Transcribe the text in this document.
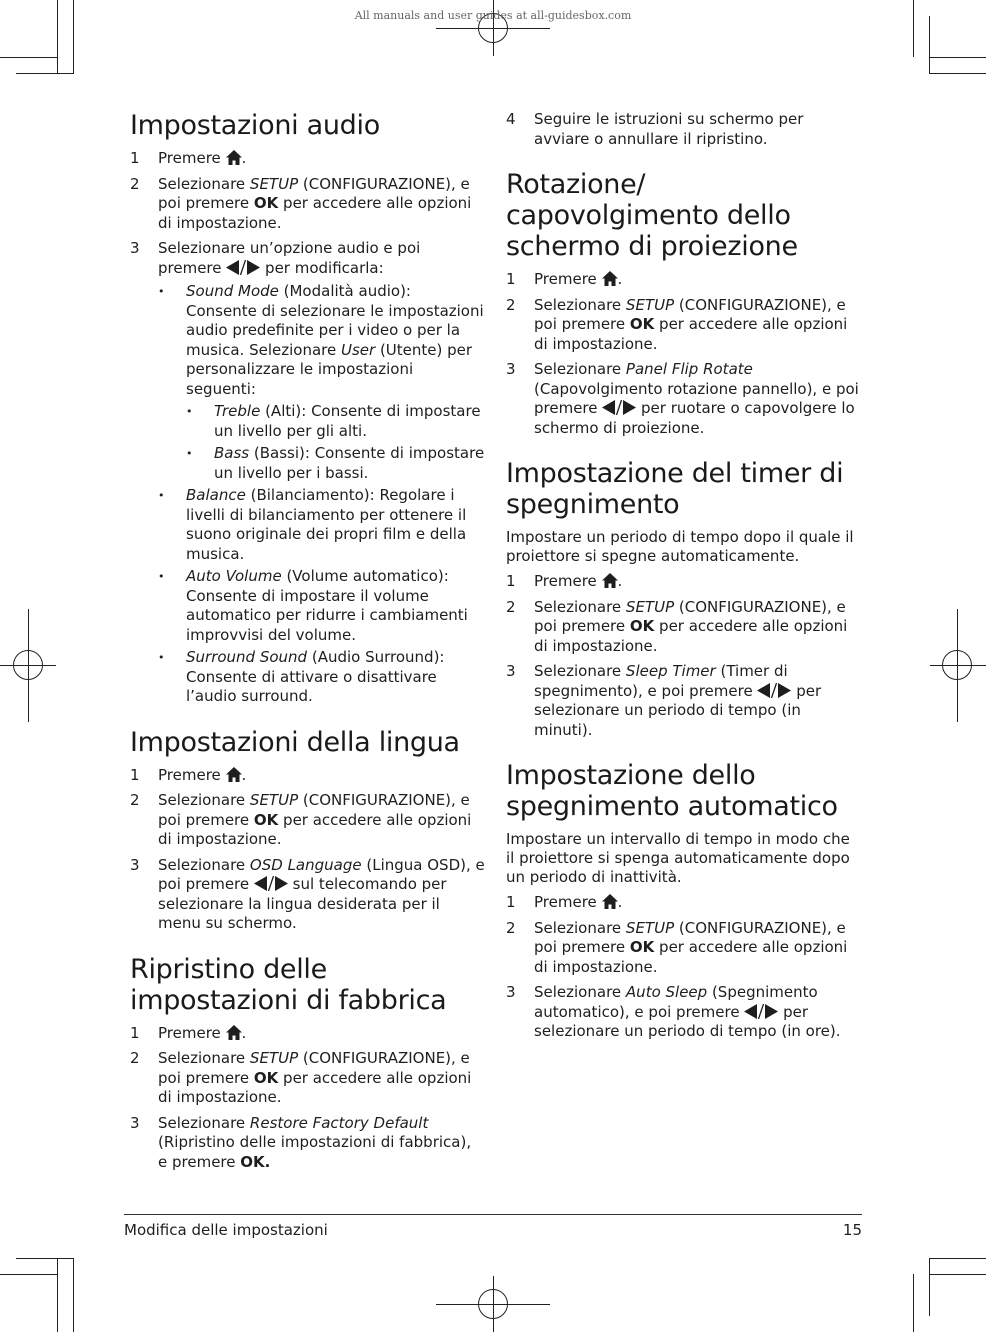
All manuals and user guides at all-guidesbox.com
Impostazioni audio
1 Premere .
2 Selezionare SETUP (CONFIGURAZIONE), e poi premere OK per accedere alle opzioni di impostazione.
3 Selezionare un’opzione audio e poi premere	per modificarla:
• Sound Mode (Modalità audio): Consente di selezionare le impostazioni audio predefinite per i video o per la musica. Selezionare User (Utente) per personalizzare le impostazioni seguenti:
• Treble (Alti): Consente di impostare un livello per gli alti.
• Bass (Bassi): Consente di impostare un livello per i bassi.
• Balance (Bilanciamento): Regolare i livelli di bilanciamento per ottenere il suono originale dei propri film e della musica.
• Auto Volume (Volume automatico): Consente di impostare il volume automatico per ridurre i cambiamenti improvvisi del volume.
• Surround Sound (Audio Surround): Consente di attivare o disattivare l’audio surround.
Impostazioni della lingua
1 Premere .
2 Selezionare SETUP (CONFIGURAZIONE), e poi premere OK per accedere alle opzioni di impostazione.
3 Selezionare OSD Language (Lingua OSD), e poi premere  sul telecomando per selezionare la lingua desiderata per il menu su schermo.
Ripristino delle impostazioni di fabbrica
1 Premere .
2 Selezionare SETUP (CONFIGURAZIONE), e poi premere OK per accedere alle opzioni di impostazione.
3 Selezionare Restore Factory Default (Ripristino delle impostazioni di fabbrica), e premere OK.
4 Seguire le istruzioni su schermo per avviare o annullare il ripristino.
Rotazione/ capovolgimento dello schermo di proiezione
1 Premere .
2 Selezionare SETUP (CONFIGURAZIONE), e poi premere OK per accedere alle opzioni di impostazione.
3 Selezionare Panel Flip Rotate (Capovolgimento rotazione pannello), e poi premere  per ruotare o capovolgere lo schermo di proiezione.
Impostazione del timer di spegnimento

Impostare un periodo di tempo dopo il quale il proiettore si spegne automaticamente.

1 Premere .
2 Selezionare SETUP (CONFIGURAZIONE), e poi premere OK per accedere alle opzioni di impostazione.
3 Selezionare Sleep Timer (Timer di spegnimento), e poi premere  per selezionare un periodo di tempo (in minuti).
Impostazione dello spegnimento automatico

Impostare un intervallo di tempo in modo che il proiettore si spenga automaticamente dopo un periodo di inattività.

1 Premere .
2 Selezionare SETUP (CONFIGURAZIONE), e poi premere OK per accedere alle opzioni di impostazione.
3 Selezionare Auto Sleep (Spegnimento automatico), e poi premere  per selezionare un periodo di tempo (in ore).
Modifica delle impostazioni	15
